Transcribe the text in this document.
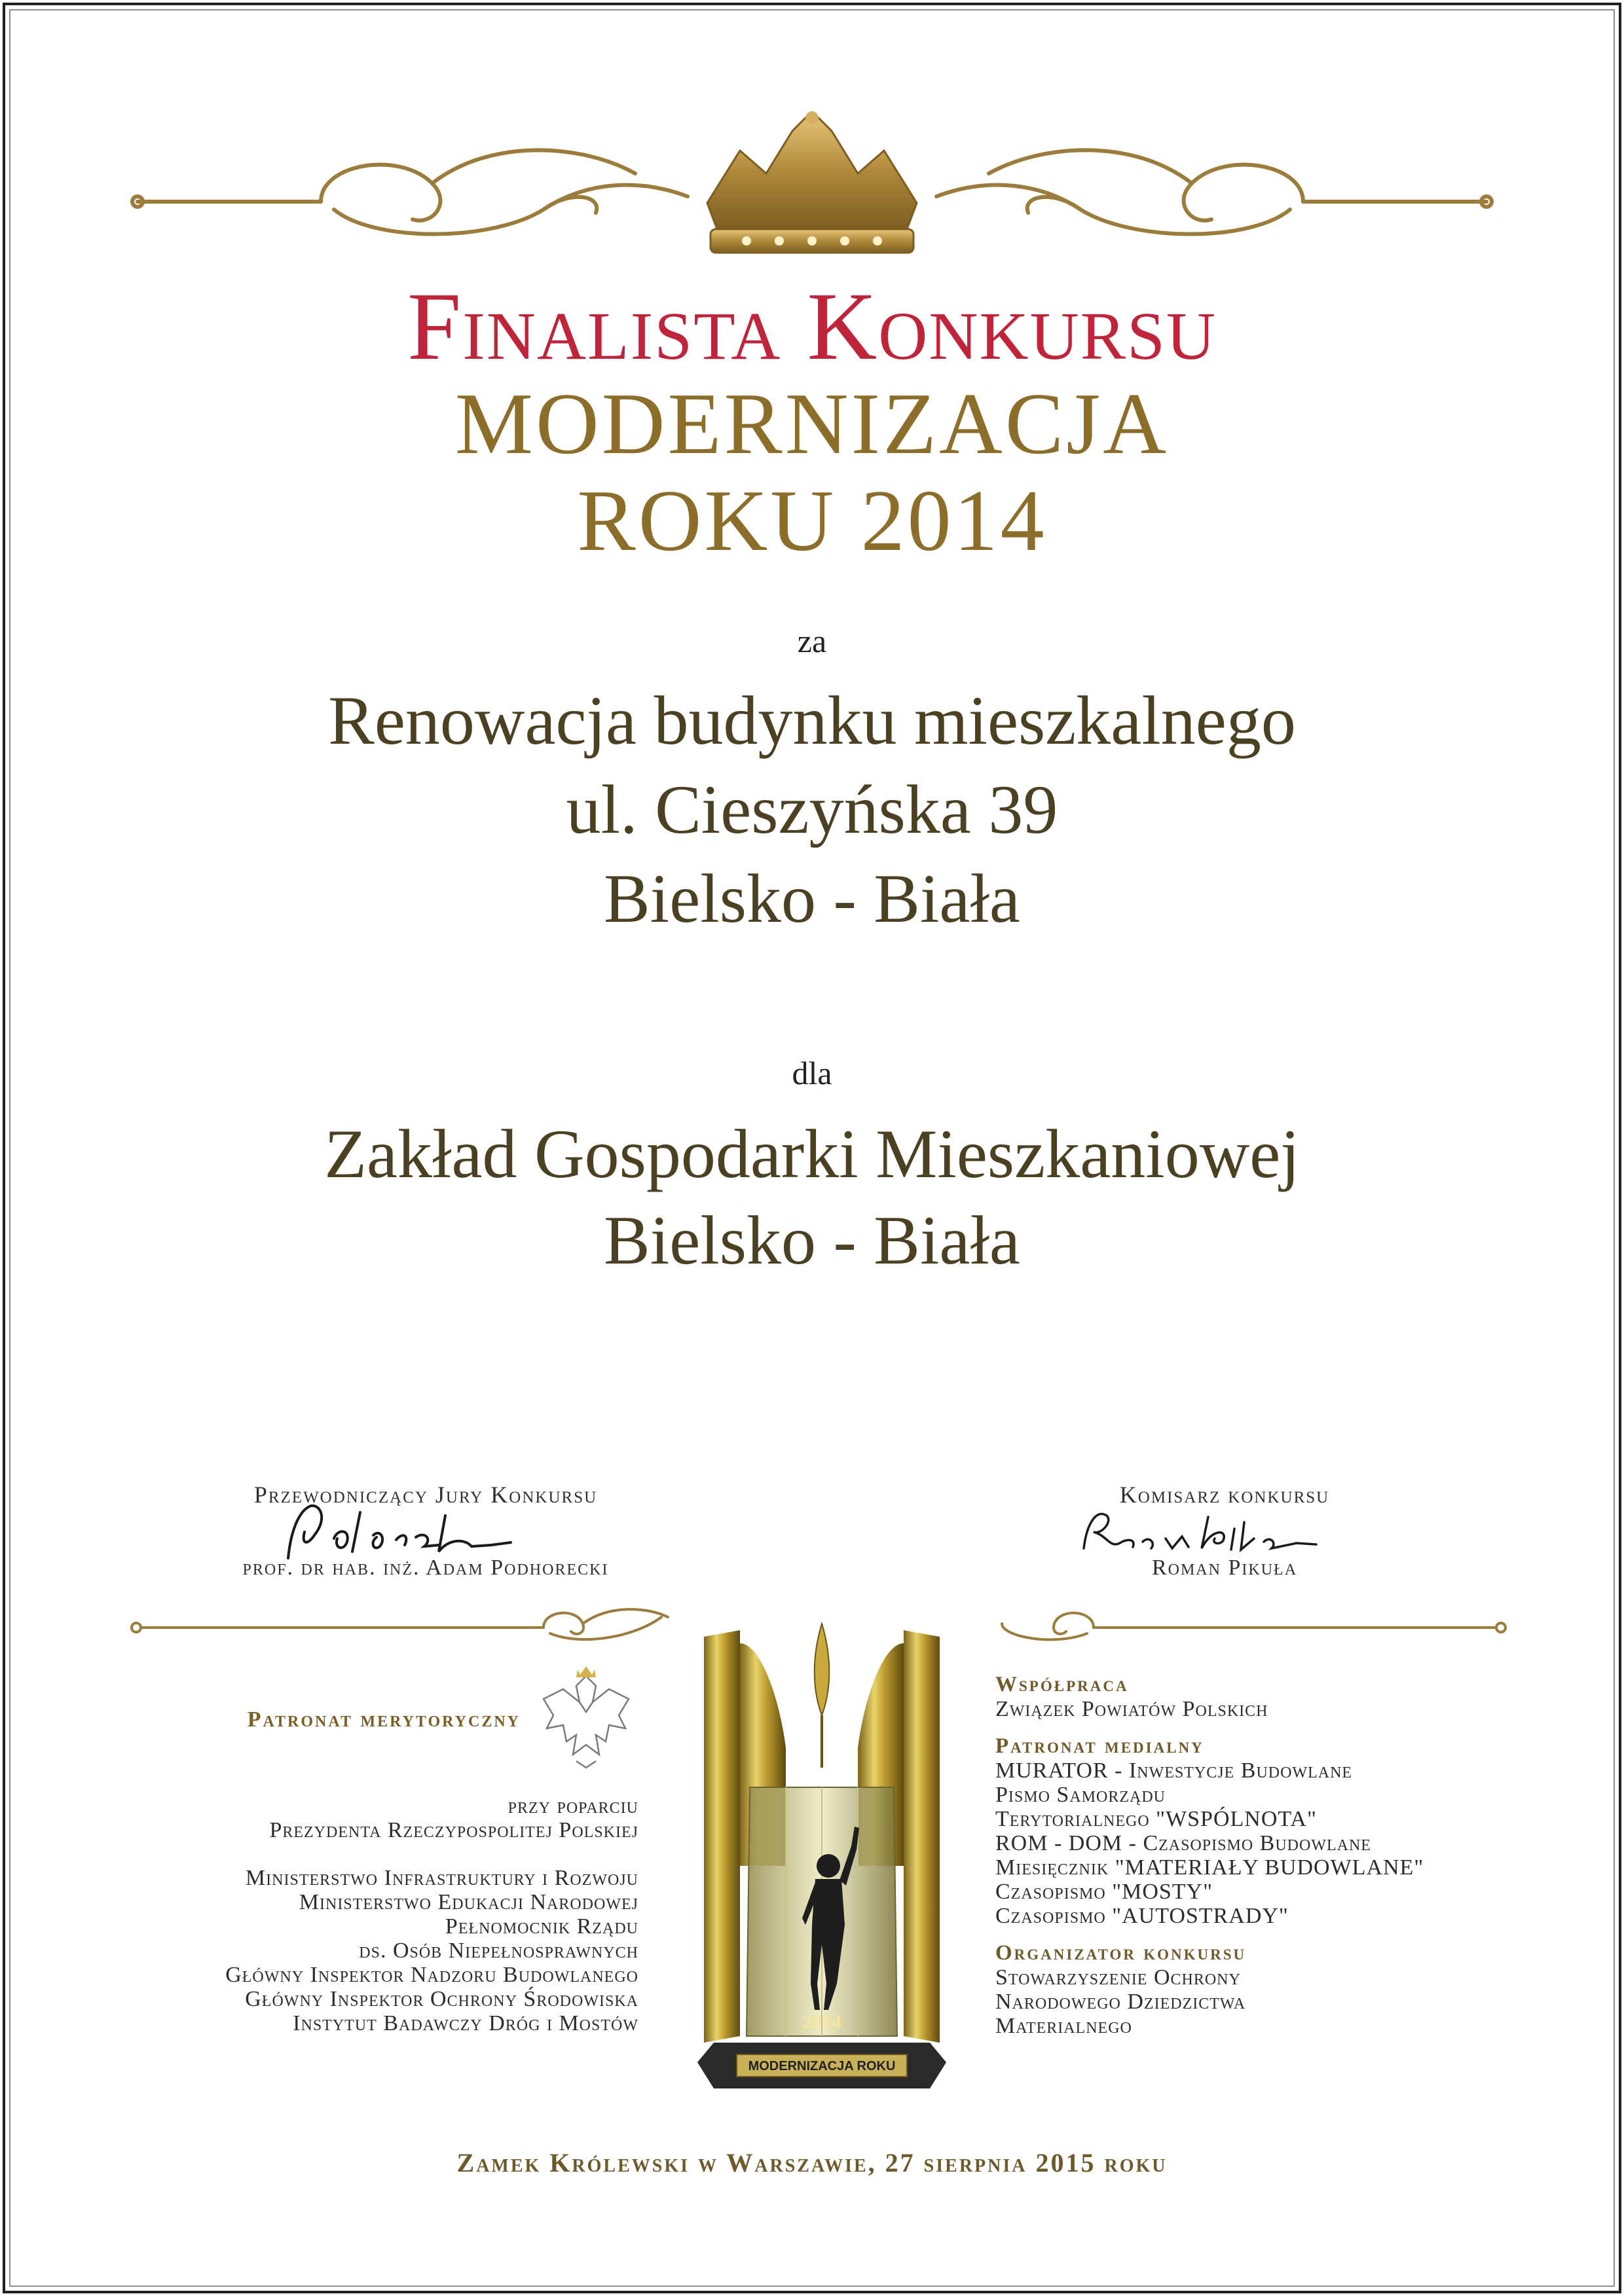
Finalista Konkursu
MODERNIZACJA
ROKU 2014
za
Renowacja budynku mieszkalnego
ul. Cieszyńska 39
Bielsko - Biała
dla
Zakład Gospodarki Mieszkaniowej
Bielsko - Biała
Przewodniczący Jury Konkursu
prof. dr hab. inż. Adam Podhorecki
Komisarz konkursu
Roman Pikuła
Patronat merytoryczny
przy poparciu
Prezydenta Rzeczypospolitej Polskiej
Ministerstwo Infrastruktury i Rozwoju
Ministerstwo Edukacji Narodowej
Pełnomocnik Rządu
ds. Osób Niepełnosprawnych
Główny Inspektor Nadzoru Budowlanego
Główny Inspektor Ochrony Środowiska
Instytut Badawczy Dróg i Mostów	2014
MODERNIZACJA ROKU
Współpraca
Związek Powiatów Polskich
Patronat medialny
MURATOR - Inwestycje Budowlane
Pismo Samorządu
Terytorialnego "WSPÓLNOTA"
ROM - DOM - Czasopismo Budowlane
Miesięcznik "MATERIAŁY BUDOWLANE"
Czasopismo "MOSTY"
Czasopismo "AUTOSTRADY"
Organizator konkursu
Stowarzyszenie Ochrony
Narodowego Dziedzictwa
Materialnego
Zamek Królewski w Warszawie, 27 sierpnia 2015 roku
